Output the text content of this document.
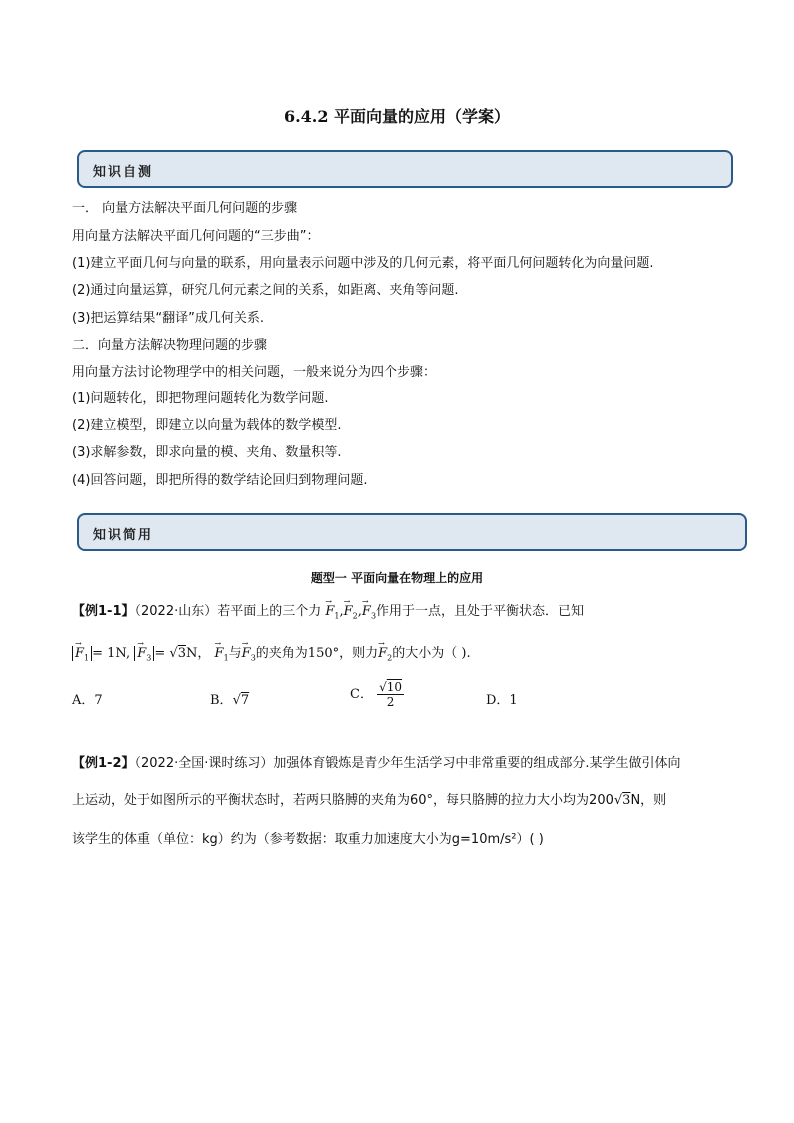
6.4.2 平面向量的应用（学案）
知识自测
一． 向量方法解决平面几何问题的步骤
用向量方法解决平面几何问题的“三步曲”：
(1)建立平面几何与向量的联系，用向量表示问题中涉及的几何元素，将平面几何问题转化为向量问题.
(2)通过向量运算，研究几何元素之间的关系，如距离、夹角等问题.
(3)把运算结果“翻译”成几何关系.
二．向量方法解决物理问题的步骤
用向量方法讨论物理学中的相关问题，一般来说分为四个步骤：
(1)问题转化，即把物理问题转化为数学问题.
(2)建立模型，即建立以向量为载体的数学模型.
(3)求解参数，即求向量的模、夹角、数量积等.
(4)回答问题，即把所得的数学结论回归到物理问题.
知识简用
题型一 平面向量在物理上的应用
【例1-1】（2022·山东）若平面上的三个力 → $F_1,\to F_2,\to F_3$作用于一点，且处于平衡状态．已知
→ $F_1 = 1N$, → $F_3 = √3N$， → $F_1$与→ $F_3$的夹角为150°，则力→ $F_2$的大小为（ ).
A．7	B．√7	C． $\frac{√10}{2}$	D．1
【例1-2】（2022·全国·课时练习）加强体育锻炼是青少年生活学习中非常重要的组成部分.某学生做引体向
上运动，处于如图所示的平衡状态时，若两只胳膊的夹角为60°，每只胳膊的拉力大小均为200√3N，则
该学生的体重（单位：kg）约为（参考数据：取重力加速度大小为g=10m/s²）( )
